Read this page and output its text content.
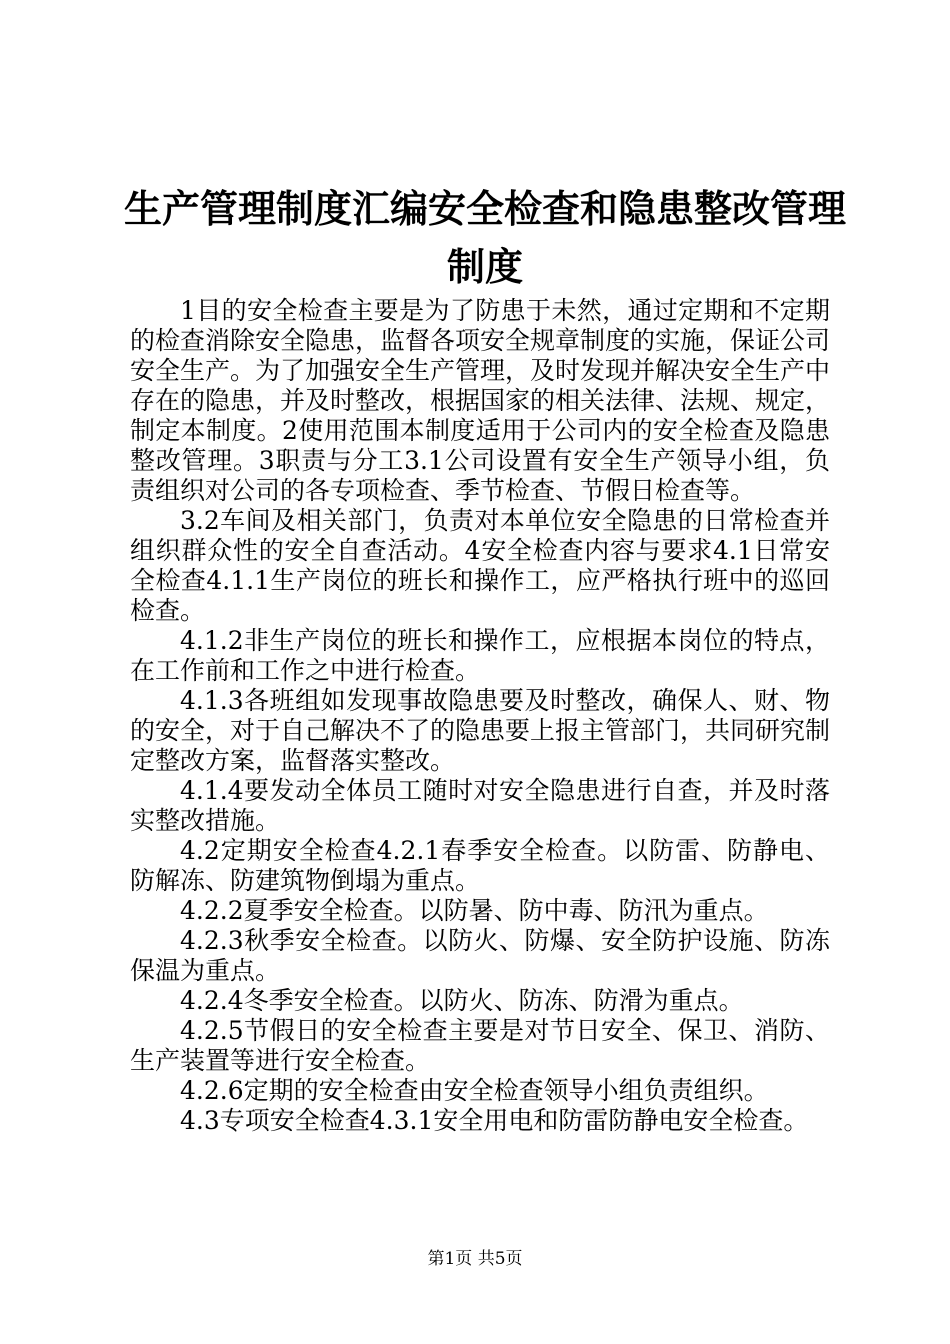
生产管理制度汇编安全检查和隐患整改管理制度

1目的安全检查主要是为了防患于未然，通过定期和不定期的检查消除安全隐患，监督各项安全规章制度的实施，保证公司安全生产。为了加强安全生产管理，及时发现并解决安全生产中存在的隐患，并及时整改，根据国家的相关法律、法规、规定，制定本制度。2使用范围本制度适用于公司内的安全检查及隐患整改管理。3职责与分工3.1公司设置有安全生产领导小组，负责组织对公司的各专项检查、季节检查、节假日检查等。

3.2车间及相关部门，负责对本单位安全隐患的日常检查并组织群众性的安全自查活动。4安全检查内容与要求4.1日常安全检查4.1.1生产岗位的班长和操作工，应严格执行班中的巡回检查。

4.1.2非生产岗位的班长和操作工，应根据本岗位的特点，在工作前和工作之中进行检查。

4.1.3各班组如发现事故隐患要及时整改，确保人、财、物的安全，对于自己解决不了的隐患要上报主管部门，共同研究制定整改方案，监督落实整改。

4.1.4要发动全体员工随时对安全隐患进行自查，并及时落实整改措施。

4.2定期安全检查4.2.1春季安全检查。以防雷、防静电、防解冻、防建筑物倒塌为重点。

4.2.2夏季安全检查。以防暑、防中毒、防汛为重点。

4.2.3秋季安全检查。以防火、防爆、安全防护设施、防冻保温为重点。

4.2.4冬季安全检查。以防火、防冻、防滑为重点。

4.2.5节假日的安全检查主要是对节日安全、保卫、消防、生产装置等进行安全检查。

4.2.6定期的安全检查由安全检查领导小组负责组织。

4.3专项安全检查4.3.1安全用电和防雷防静电安全检查。

第1页 共5页
